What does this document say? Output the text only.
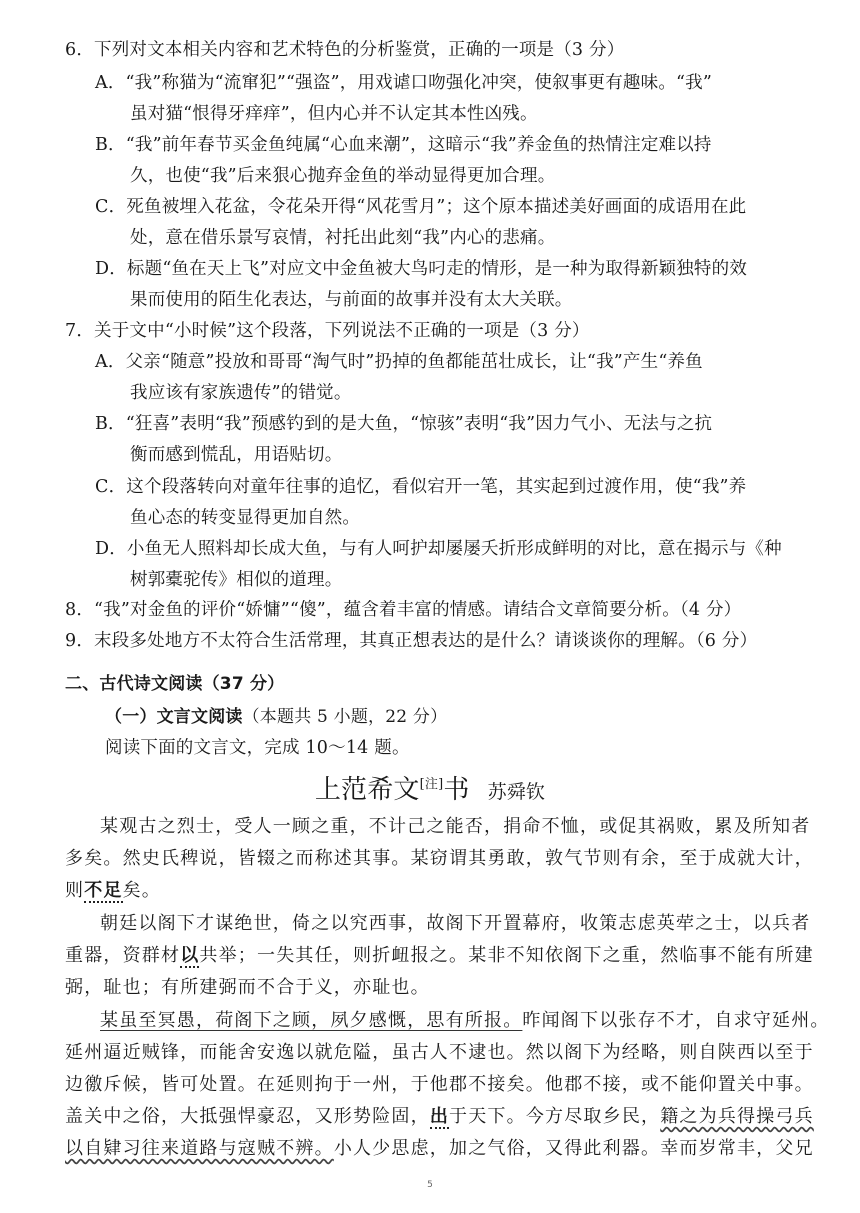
6．下列对文本相关内容和艺术特色的分析鉴赏，正确的一项是（3 分）
A．“我”称猫为“流窜犯”“强盗”，用戏谑口吻强化冲突，使叙事更有趣味。“我”
虽对猫“恨得牙痒痒”，但内心并不认定其本性凶残。
B．“我”前年春节买金鱼纯属“心血来潮”，这暗示“我”养金鱼的热情注定难以持
久，也使“我”后来狠心抛弃金鱼的举动显得更加合理。
C．死鱼被埋入花盆，令花朵开得“风花雪月”；这个原本描述美好画面的成语用在此
处，意在借乐景写哀情，衬托出此刻“我”内心的悲痛。
D．标题“鱼在天上飞”对应文中金鱼被大鸟叼走的情形，是一种为取得新颖独特的效
果而使用的陌生化表达，与前面的故事并没有太大关联。
7．关于文中“小时候”这个段落，下列说法不正确的一项是（3 分）
A．父亲“随意”投放和哥哥“淘气时”扔掉的鱼都能茁壮成长，让“我”产生“养鱼
我应该有家族遗传”的错觉。
B．“狂喜”表明“我”预感钓到的是大鱼，“惊骇”表明“我”因力气小、无法与之抗
衡而感到慌乱，用语贴切。
C．这个段落转向对童年往事的追忆，看似宕开一笔，其实起到过渡作用，使“我”养
鱼心态的转变显得更加自然。
D．小鱼无人照料却长成大鱼，与有人呵护却屡屡夭折形成鲜明的对比，意在揭示与《种
树郭橐驼传》相似的道理。
8．“我”对金鱼的评价“娇慵”“傻”，蕴含着丰富的情感。请结合文章简要分析。（4 分）
9．末段多处地方不太符合生活常理，其真正想表达的是什么？请谈谈你的理解。（6 分）
二、古代诗文阅读（37 分）
（一）文言文阅读（本题共 5 小题，22 分）
阅读下面的文言文，完成 10～14 题。
上范希文[注]书 苏舜钦
某观古之烈士，受人一顾之重，不计己之能否，捐命不恤，或促其祸败，累及所知者
多矣。然史氏稗说，皆辍之而称述其事。某窃谓其勇敢，敦气节则有余，至于成就大计，
则不足矣。
朝廷以阁下才谋绝世，倚之以究西事，故阁下开置幕府，收策志虑英荦之士，以兵者
重器，资群材以共举；一失其任，则折衄报之。某非不知依阁下之重，然临事不能有所建
弼，耻也；有所建弼而不合于义，亦耻也。
某虽至冥愚，荷阁下之顾，夙夕感慨，思有所报。昨闻阁下以张存不才，自求守延州。
延州逼近贼锋，而能舍安逸以就危隘，虽古人不逮也。然以阁下为经略，则自陕西以至于
边徼斥候，皆可处置。在延则拘于一州，于他郡不接矣。他郡不接，或不能仰置关中事。
盖关中之俗，大抵强悍豪忍，又形势险固，出于天下。今方尽取乡民，籍之为兵得操弓兵
以自肄习往来道路与寇贼不辨。小人少思虑，加之气俗，又得此利器。幸而岁常丰，父兄
5
